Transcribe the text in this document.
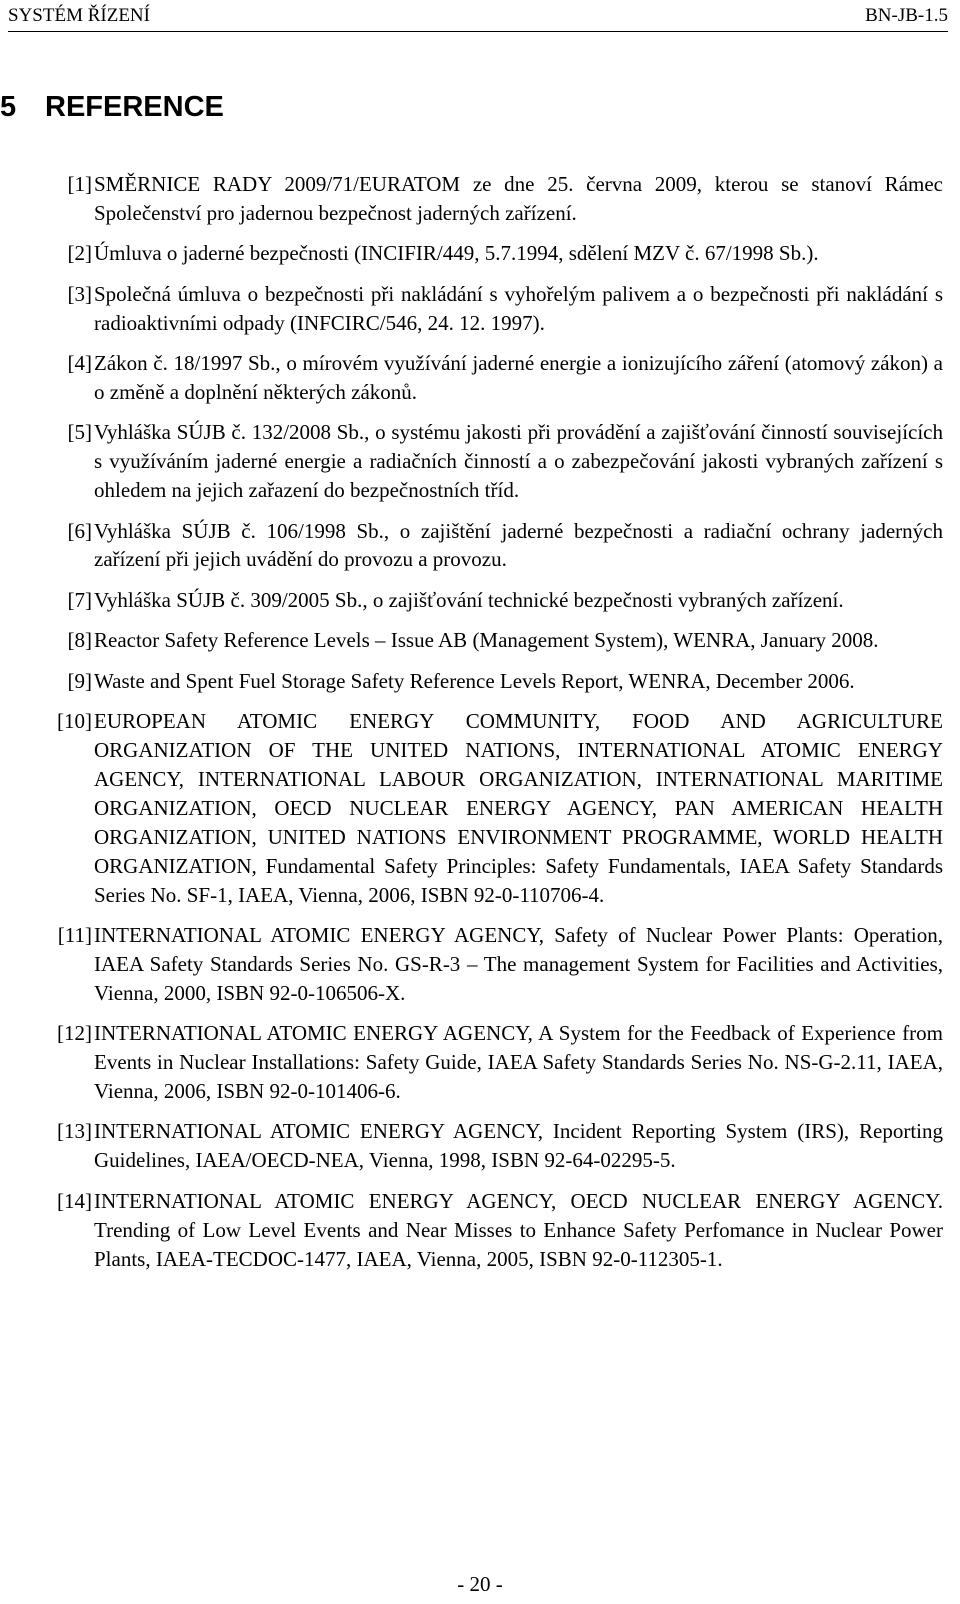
SYSTÉM ŘÍZENÍ	BN-JB-1.5
5 REFERENCE
[1] SMĚRNICE RADY 2009/71/EURATOM ze dne 25. června 2009, kterou se stanoví Rámec Společenství pro jadernou bezpečnost jaderných zařízení.
[2] Úmluva o jaderné bezpečnosti (INCIFIR/449, 5.7.1994, sdělení MZV č. 67/1998 Sb.).
[3] Společná úmluva o bezpečnosti při nakládání s vyhořelým palivem a o bezpečnosti při nakládání s radioaktivními odpady (INFCIRC/546, 24. 12. 1997).
[4] Zákon č. 18/1997 Sb., o mírovém využívání jaderné energie a ionizujícího záření (atomový zákon) a o změně a doplnění některých zákonů.
[5] Vyhláška SÚJB č. 132/2008 Sb., o systému jakosti při provádění a zajišťování činností souvisejících s využíváním jaderné energie a radiačních činností a o zabezpečování jakosti vybraných zařízení s ohledem na jejich zařazení do bezpečnostních tříd.
[6] Vyhláška SÚJB č. 106/1998 Sb., o zajištění jaderné bezpečnosti a radiační ochrany jaderných zařízení při jejich uvádění do provozu a provozu.
[7] Vyhláška SÚJB č. 309/2005 Sb., o zajišťování technické bezpečnosti vybraných zařízení.
[8] Reactor Safety Reference Levels – Issue AB (Management System), WENRA, January 2008.
[9] Waste and Spent Fuel Storage Safety Reference Levels Report, WENRA, December 2006.
[10] EUROPEAN ATOMIC ENERGY COMMUNITY, FOOD AND AGRICULTURE ORGANIZATION OF THE UNITED NATIONS, INTERNATIONAL ATOMIC ENERGY AGENCY, INTERNATIONAL LABOUR ORGANIZATION, INTERNATIONAL MARITIME ORGANIZATION, OECD NUCLEAR ENERGY AGENCY, PAN AMERICAN HEALTH ORGANIZATION, UNITED NATIONS ENVIRONMENT PROGRAMME, WORLD HEALTH ORGANIZATION, Fundamental Safety Principles: Safety Fundamentals, IAEA Safety Standards Series No. SF-1, IAEA, Vienna, 2006, ISBN 92-0-110706-4.
[11] INTERNATIONAL ATOMIC ENERGY AGENCY, Safety of Nuclear Power Plants: Operation, IAEA Safety Standards Series No. GS-R-3 – The management System for Facilities and Activities, Vienna, 2000, ISBN 92-0-106506-X.
[12] INTERNATIONAL ATOMIC ENERGY AGENCY, A System for the Feedback of Experience from Events in Nuclear Installations: Safety Guide, IAEA Safety Standards Series No. NS-G-2.11, IAEA, Vienna, 2006, ISBN 92-0-101406-6.
[13] INTERNATIONAL ATOMIC ENERGY AGENCY, Incident Reporting System (IRS), Reporting Guidelines, IAEA/OECD-NEA, Vienna, 1998, ISBN 92-64-02295-5.
[14] INTERNATIONAL ATOMIC ENERGY AGENCY, OECD NUCLEAR ENERGY AGENCY. Trending of Low Level Events and Near Misses to Enhance Safety Perfomance in Nuclear Power Plants, IAEA-TECDOC-1477, IAEA, Vienna, 2005, ISBN 92-0-112305-1.
- 20 -
